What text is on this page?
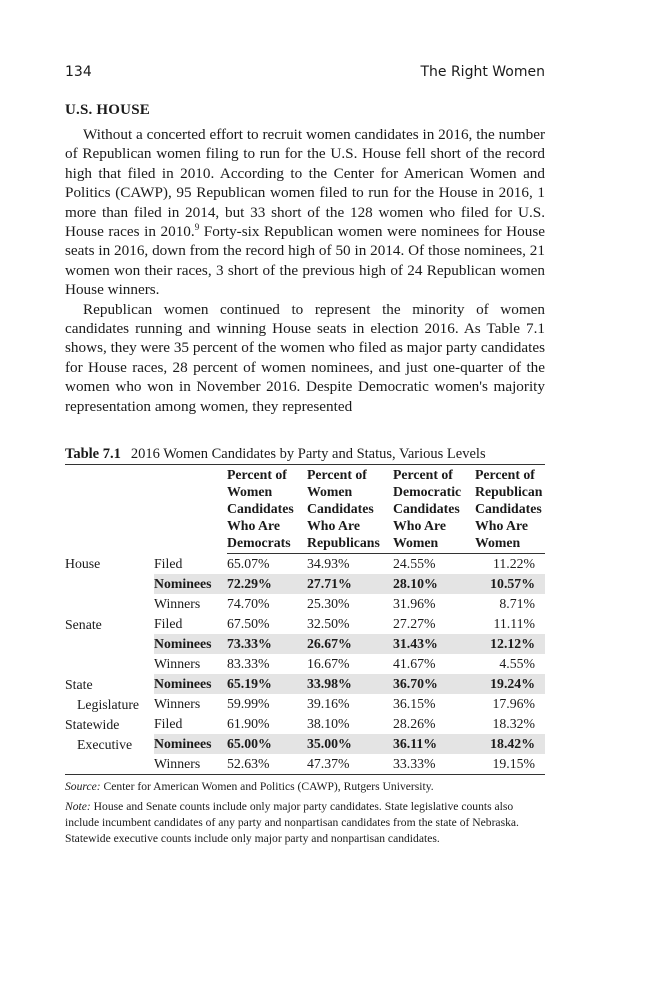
134	The Right Women
U.S. HOUSE

Without a concerted effort to recruit women candidates in 2016, the number of Republican women filing to run for the U.S. House fell short of the record high that filed in 2010. According to the Center for American Women and Politics (CAWP), 95 Republican women filed to run for the House in 2016, 1 more than filed in 2014, but 33 short of the 128 women who filed for U.S. House races in 2010.$^9$ Forty-six Republican women were nominees for House seats in 2016, down from the record high of 50 in 2014. Of those nominees, 21 women won their races, 3 short of the previous high of 24 Republican women House winners.

Republican women continued to represent the minority of women candidates running and winning House seats in election 2016. As Table 7.1 shows, they were 35 percent of the women who filed as major party candidates for House races, 28 percent of women nominees, and just one-quarter of the women who won in November 2016. Despite Democratic women's majority representation among women, they represented

Table 7.1 2016 Women Candidates by Party and Status, Various Levels
		Percent of Women Candidates Who Are Democrats	Percent of Women Candidates Who Are Republicans	Percent of Democratic Candidates Who Are Women	Percent of Republican Candidates Who Are Women
House	Filed	65.07%	34.93%	24.55%	11.22%
	Nominees	72.29%	27.71%	28.10%	10.57%
	Winners	74.70%	25.30%	31.96%	8.71%
Senate	Filed	67.50%	32.50%	27.27%	11.11%
	Nominees	73.33%	26.67%	31.43%	12.12%
	Winners	83.33%	16.67%	41.67%	4.55%
State	Nominees	65.19%	33.98%	36.70%	19.24%
Legislature	Winners	59.99%	39.16%	36.15%	17.96%
Statewide	Filed	61.90%	38.10%	28.26%	18.32%
Executive	Nominees	65.00%	35.00%	36.11%	18.42%
	Winners	52.63%	47.37%	33.33%	19.15%
Source: Center for American Women and Politics (CAWP), Rutgers University.
Note: House and Senate counts include only major party candidates. State legislative counts also include incumbent candidates of any party and nonpartisan candidates from the state of Nebraska. Statewide executive counts include only major party and nonpartisan candidates.
